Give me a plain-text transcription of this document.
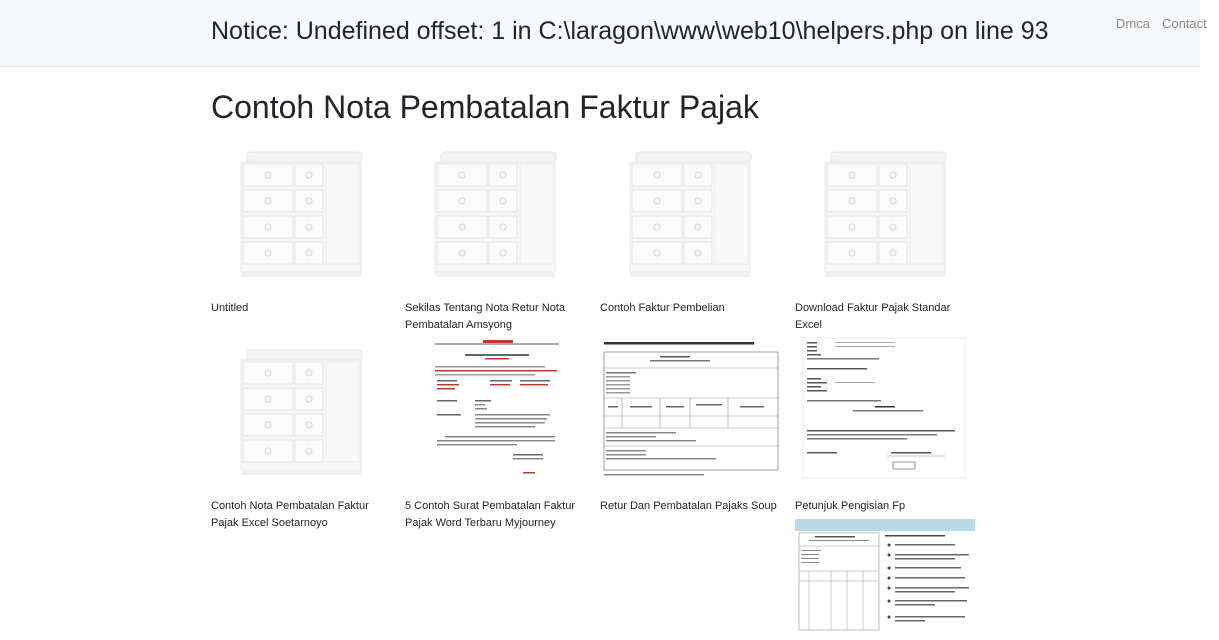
Notice: Undefined offset: 1 in C:\laragon\www\web10\helpers.php on line 93	Dmca Contact
Contoh Nota Pembatalan Faktur Pajak
Untitled	Sekilas Tentang Nota Retur Nota Pembatalan Amsyong
Contoh Faktur Pembelian	Download Faktur Pajak Standar Excel
Contoh Nota Pembatalan Faktur Pajak Excel Soetarnoyo
5 Contoh Surat Pembatalan Faktur Pajak Word Terbaru Myjourney
Retur Dan Pembatalan Pajaks Soup Petunjuk Pengisian Fp
